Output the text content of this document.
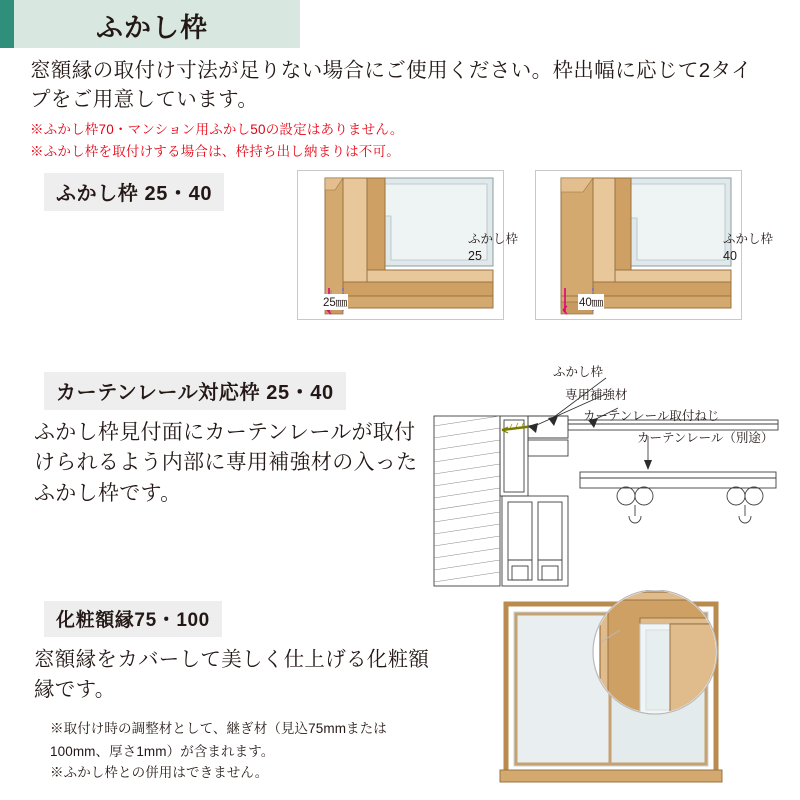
ふかし枠
窓額縁の取付け寸法が足りない場合にご使用ください。枠出幅に応じて2タイプをご用意しています。
※ふかし枠70・マンション用ふかし50の設定はありません。
※ふかし枠を取付けする場合は、枠持ち出し納まりは不可。
ふかし枠 25・40
ふかし枠
25
25㎜
ふかし枠
40
40㎜
カーテンレール対応枠 25・40
ふかし枠見付面にカーテンレールが取付けられるよう内部に専用補強材の入ったふかし枠です。
ふかし枠
専用補強材
カーテンレール取付ねじ
カーテンレール（別途）
化粧額縁75・100
窓額縁をカバーして美しく仕上げる化粧額縁です。
※取付け時の調整材として、継ぎ材（見込75mmまたは100mm、厚さ1mm）が含まれます。
※ふかし枠との併用はできません。
